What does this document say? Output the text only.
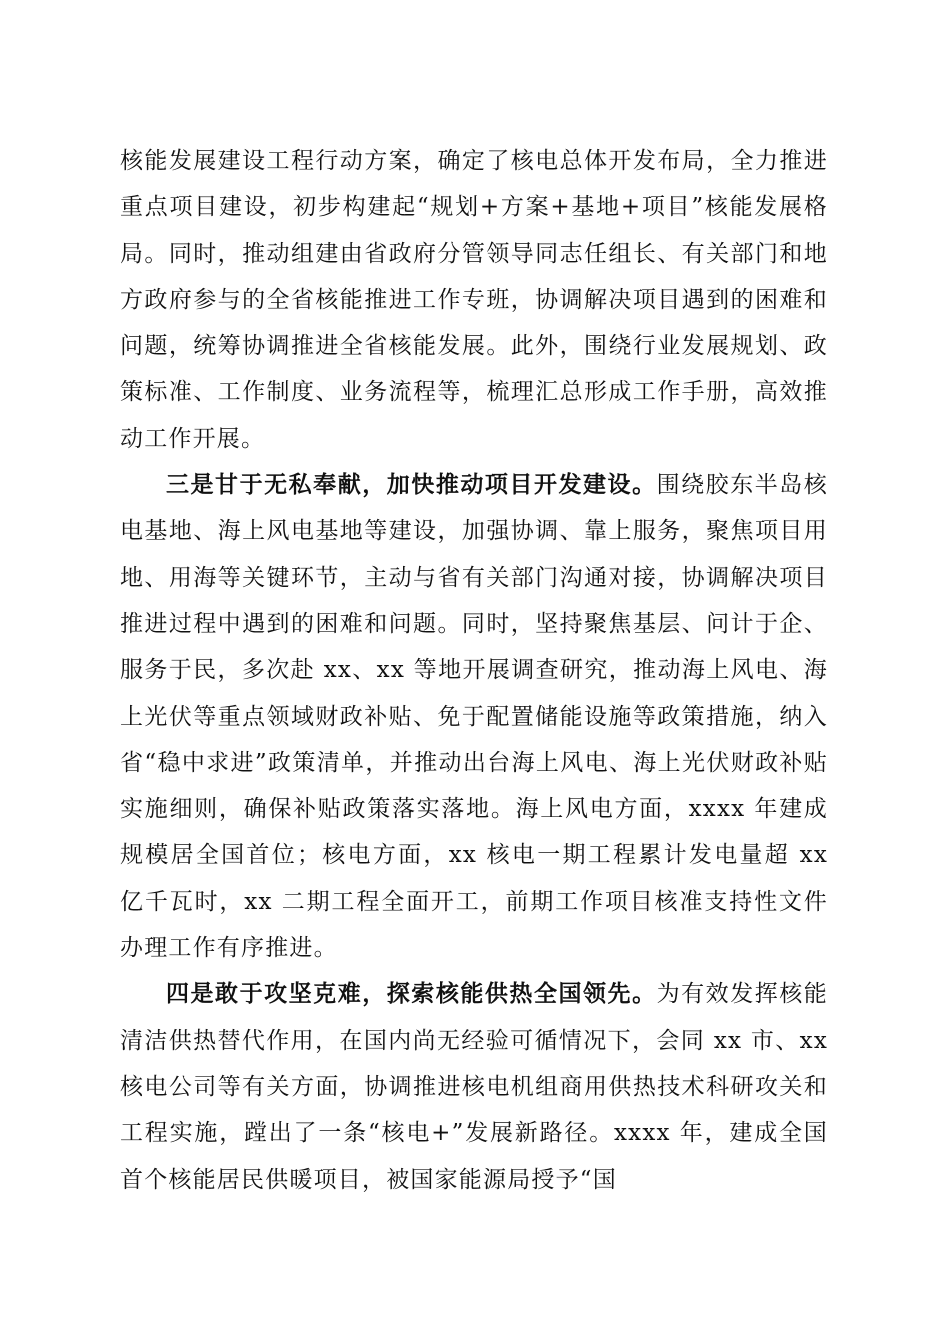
核能发展建设工程行动方案，确定了核电总体开发布局，全力推进重点项目建设，初步构建起“规划+方案+基地+项目”核能发展格局。同时，推动组建由省政府分管领导同志任组长、有关部门和地方政府参与的全省核能推进工作专班，协调解决项目遇到的困难和问题，统筹协调推进全省核能发展。此外，围绕行业发展规划、政策标准、工作制度、业务流程等，梳理汇总形成工作手册，高效推动工作开展。

三是甘于无私奉献，加快推动项目开发建设。围绕胶东半岛核电基地、海上风电基地等建设，加强协调、靠上服务，聚焦项目用地、用海等关键环节，主动与省有关部门沟通对接，协调解决项目推进过程中遇到的困难和问题。同时，坚持聚焦基层、问计于企、服务于民，多次赴 xx、xx 等地开展调查研究，推动海上风电、海上光伏等重点领域财政补贴、免于配置储能设施等政策措施，纳入省“稳中求进”政策清单，并推动出台海上风电、海上光伏财政补贴实施细则，确保补贴政策落实落地。海上风电方面，xxxx 年建成规模居全国首位；核电方面，xx 核电一期工程累计发电量超 xx 亿千瓦时，xx 二期工程全面开工，前期工作项目核准支持性文件办理工作有序推进。

四是敢于攻坚克难，探索核能供热全国领先。为有效发挥核能清洁供热替代作用，在国内尚无经验可循情况下，会同 xx 市、xx 核电公司等有关方面，协调推进核电机组商用供热技术科研攻关和工程实施，蹚出了一条“核电+”发展新路径。xxxx 年，建成全国首个核能居民供暖项目，被国家能源局授予“国
